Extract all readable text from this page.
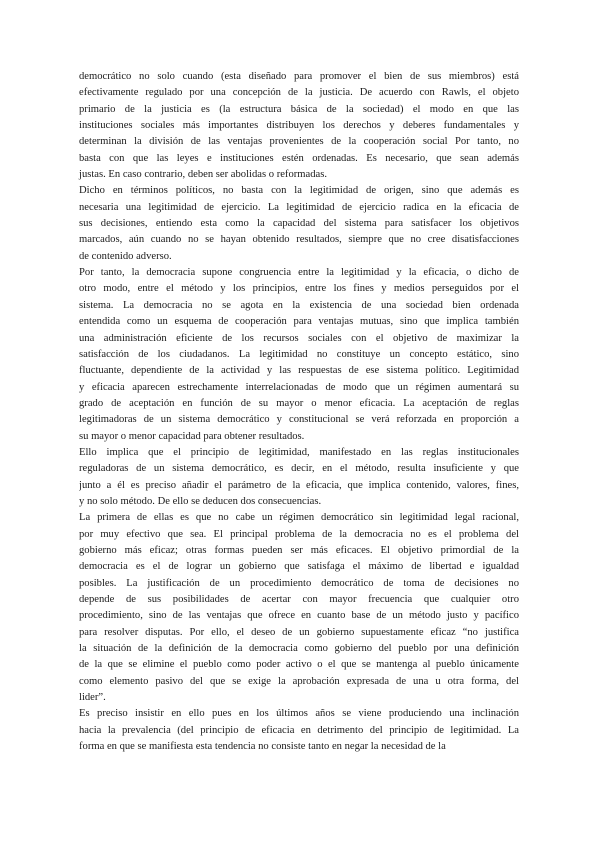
democrático no solo cuando (esta diseñado para promover el bien de sus miembros) está
efectivamente regulado por una concepción de la justicia. De acuerdo con Rawls, el objeto
primario de la justicia es (la estructura básica de la sociedad) el modo en que las
instituciones sociales más importantes distribuyen los derechos y deberes fundamentales y
determinan la división de las ventajas provenientes de la cooperación social Por tanto, no
basta con que las leyes e instituciones estén ordenadas. Es necesario, que sean además
justas. En caso contrario, deben ser abolidas o reformadas.
Dicho en términos políticos, no basta con la legitimidad de origen, sino que además es
necesaria una legitimidad de ejercicio. La legitimidad de ejercicio radica en la eficacia de
sus decisiones, entiendo esta como la capacidad del sistema para satisfacer los objetivos
marcados, aún cuando no se hayan obtenido resultados, siempre que no cree disatisfacciones
de contenido adverso.
Por tanto, la democracia supone congruencia entre la legitimidad y la eficacia, o dicho de
otro modo, entre el método y los principios, entre los fines y medios perseguidos por el
sistema. La democracia no se agota en la existencia de una sociedad bien ordenada
entendida como un esquema de cooperación para ventajas mutuas, sino que implica también
una administración eficiente de los recursos sociales con el objetivo de maximizar la
satisfacción de los ciudadanos. La legitimidad no constituye un concepto estático, sino
fluctuante, dependiente de la actividad y las respuestas de ese sistema político. Legitimidad
y eficacia aparecen estrechamente interrelacionadas de modo que un régimen aumentará su
grado de aceptación en función de su mayor o menor eficacia. La aceptación de reglas
legitimadoras de un sistema democrático y constitucional se verá reforzada en proporción a
su mayor o menor capacidad para obtener resultados.
Ello implica que el principio de legitimidad, manifestado en las reglas institucionales
reguladoras de un sistema democrático, es decir, en el método, resulta insuficiente y que
junto a él es preciso añadir el parámetro de la eficacia, que implica contenido, valores, fines,
y no solo método. De ello se deducen dos consecuencias.
La primera de ellas es que no cabe un régimen democrático sin legitimidad legal racional,
por muy efectivo que sea. El principal problema de la democracia no es el problema del
gobierno más eficaz; otras formas pueden ser más eficaces. El objetivo primordial de la
democracia es el de lograr un gobierno que satisfaga el máximo de libertad e igualdad
posibles. La justificación de un procedimiento democrático de toma de decisiones no
depende de sus posibilidades de acertar con mayor frecuencia que cualquier otro
procedimiento, sino de las ventajas que ofrece en cuanto base de un método justo y pacífico
para resolver disputas. Por ello, el deseo de un gobierno supuestamente eficaz “no justifica
la situación de la definición de la democracia como gobierno del pueblo por una definición
de la que se elimine el pueblo como poder activo o el que se mantenga al pueblo únicamente
como elemento pasivo del que se exige la aprobación expresada de una u otra forma, del
lider”.
Es preciso insistir en ello pues en los últimos años se viene produciendo una inclinación
hacia la prevalencia (del principio de eficacia en detrimento del principio de legitimidad. La
forma en que se manifiesta esta tendencia no consiste tanto en negar la necesidad de la
